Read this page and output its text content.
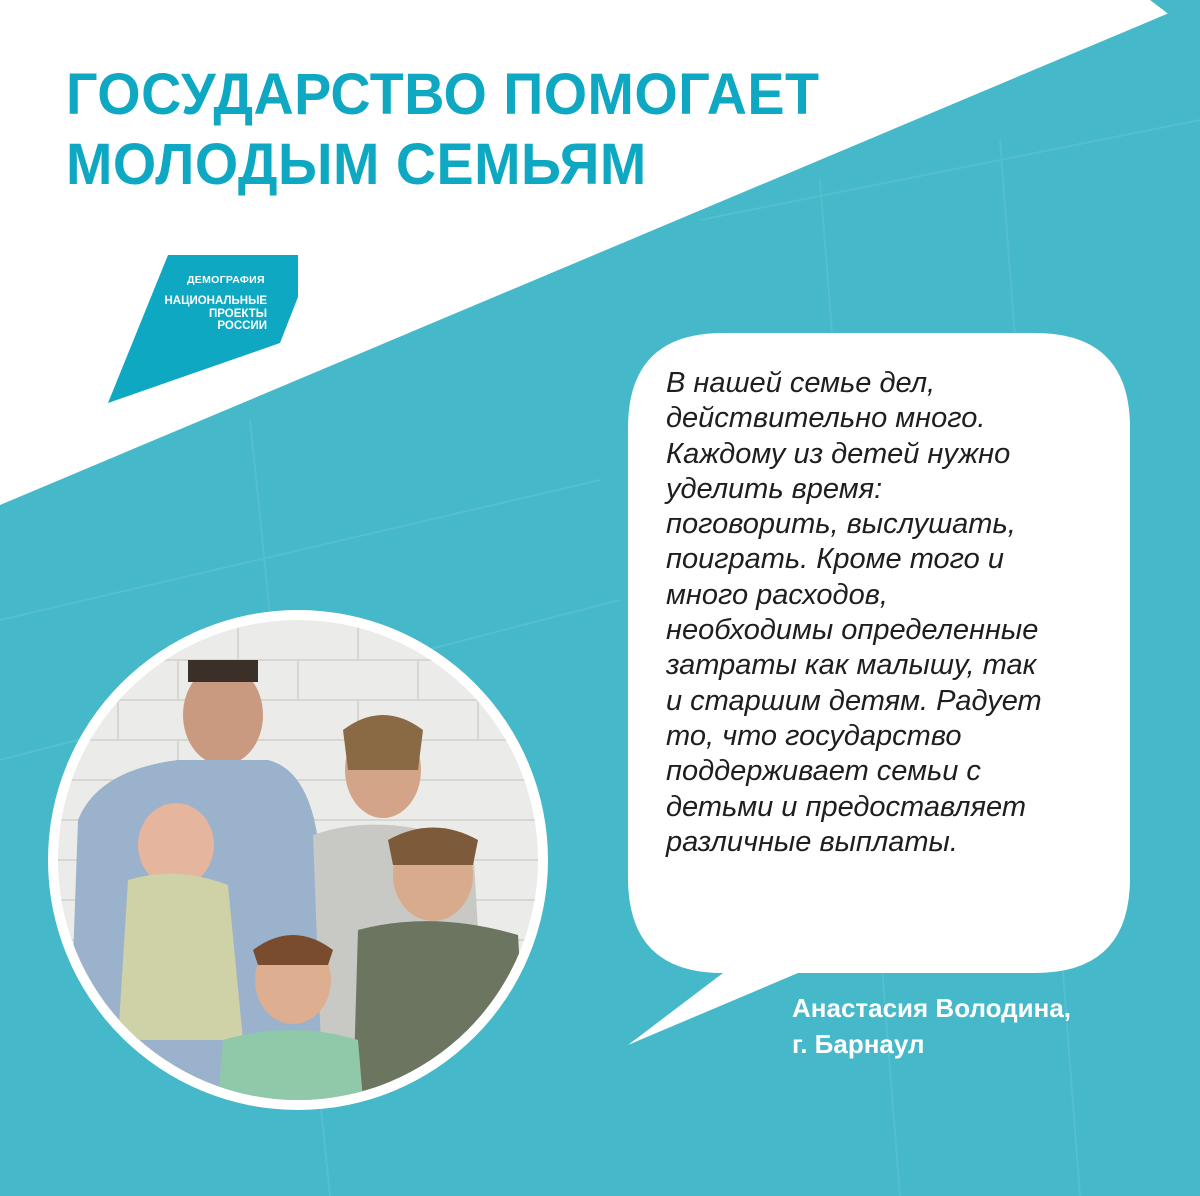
ГОСУДАРСТВО ПОМОГАЕТ
МОЛОДЫМ СЕМЬЯМ
ДЕМОГРАФИЯ
НАЦИОНАЛЬНЫЕ
ПРОЕКТЫ
РОССИИ

В нашей семье дел,
действительно много.
Каждому из детей нужно
уделить время:
поговорить, выслушать,
поиграть. Кроме того и
много расходов,
необходимы определенные
затраты как малышу, так
и старшим детям. Радует
то, что государство
поддерживает семьи с
детьми и предоставляет
различные выплаты.

Анастасия Володина,
г. Барнаул
